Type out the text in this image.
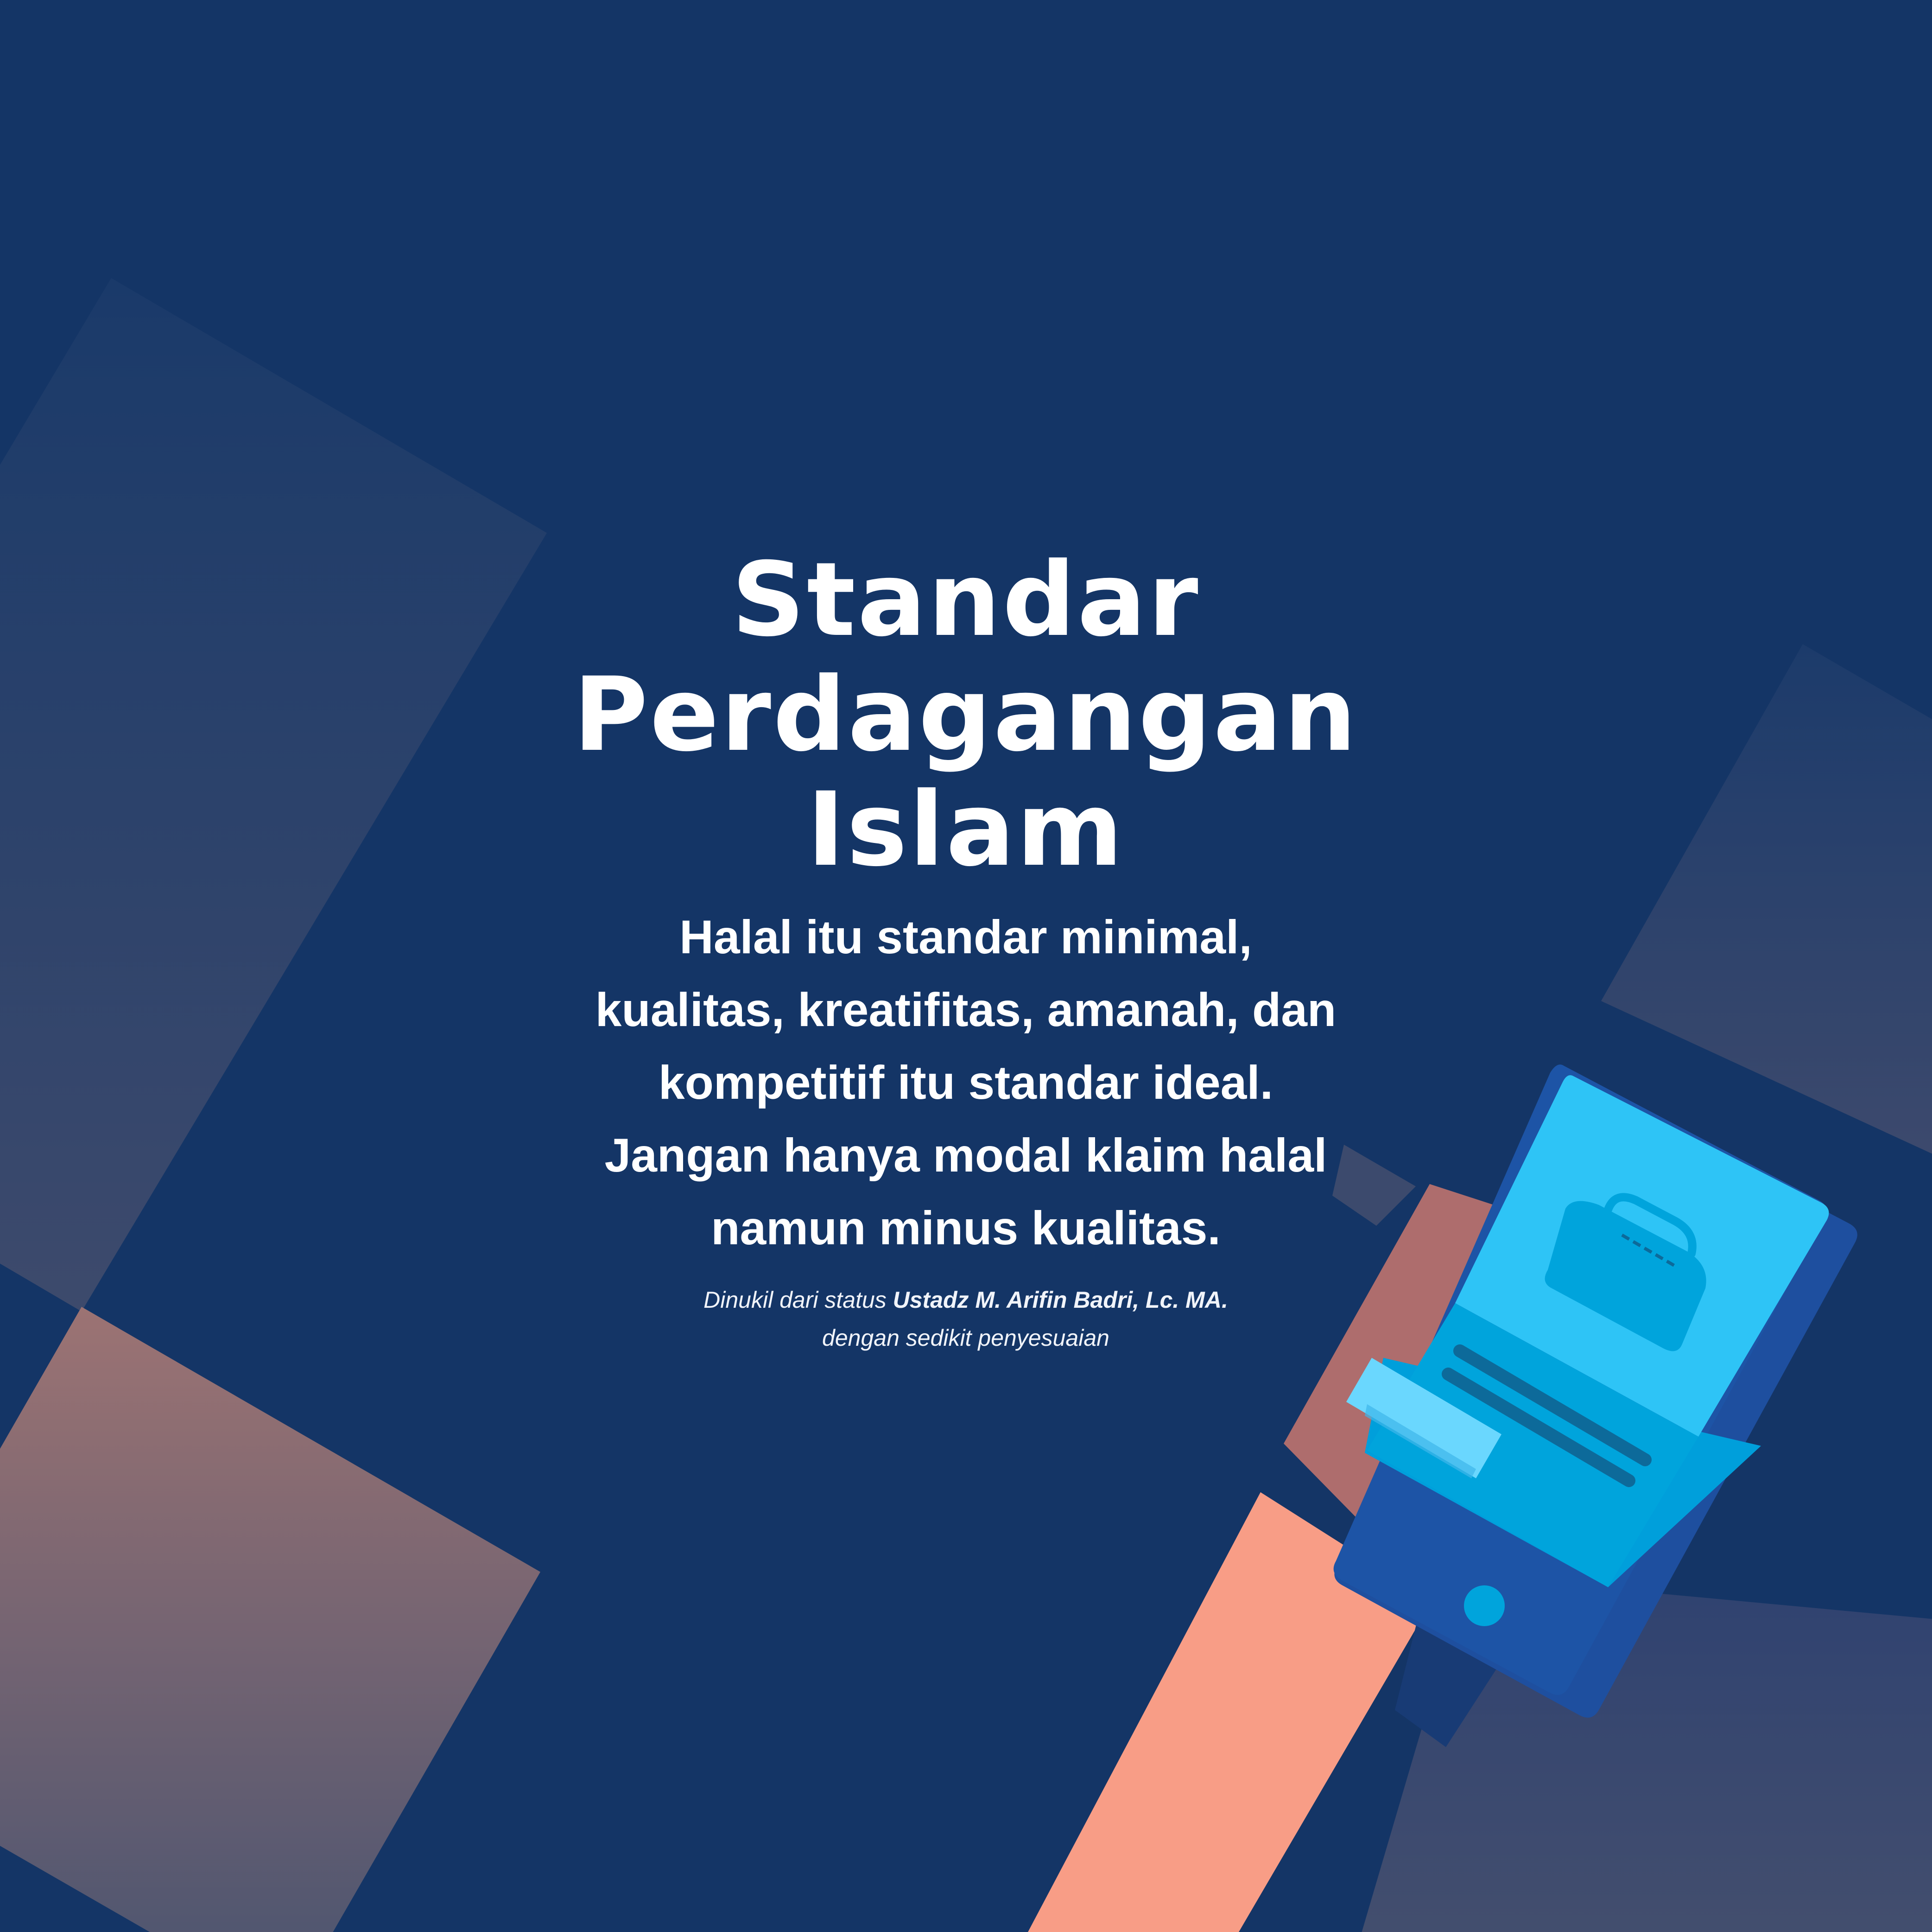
Standar
Perdagangan
Islam

Halal itu standar minimal,
kualitas, kreatifitas, amanah, dan
kompetitif itu standar ideal.
Jangan hanya modal klaim halal
namun minus kualitas.

Dinukil dari status Ustadz M. Arifin Badri, Lc. MA.
dengan sedikit penyesuaian
